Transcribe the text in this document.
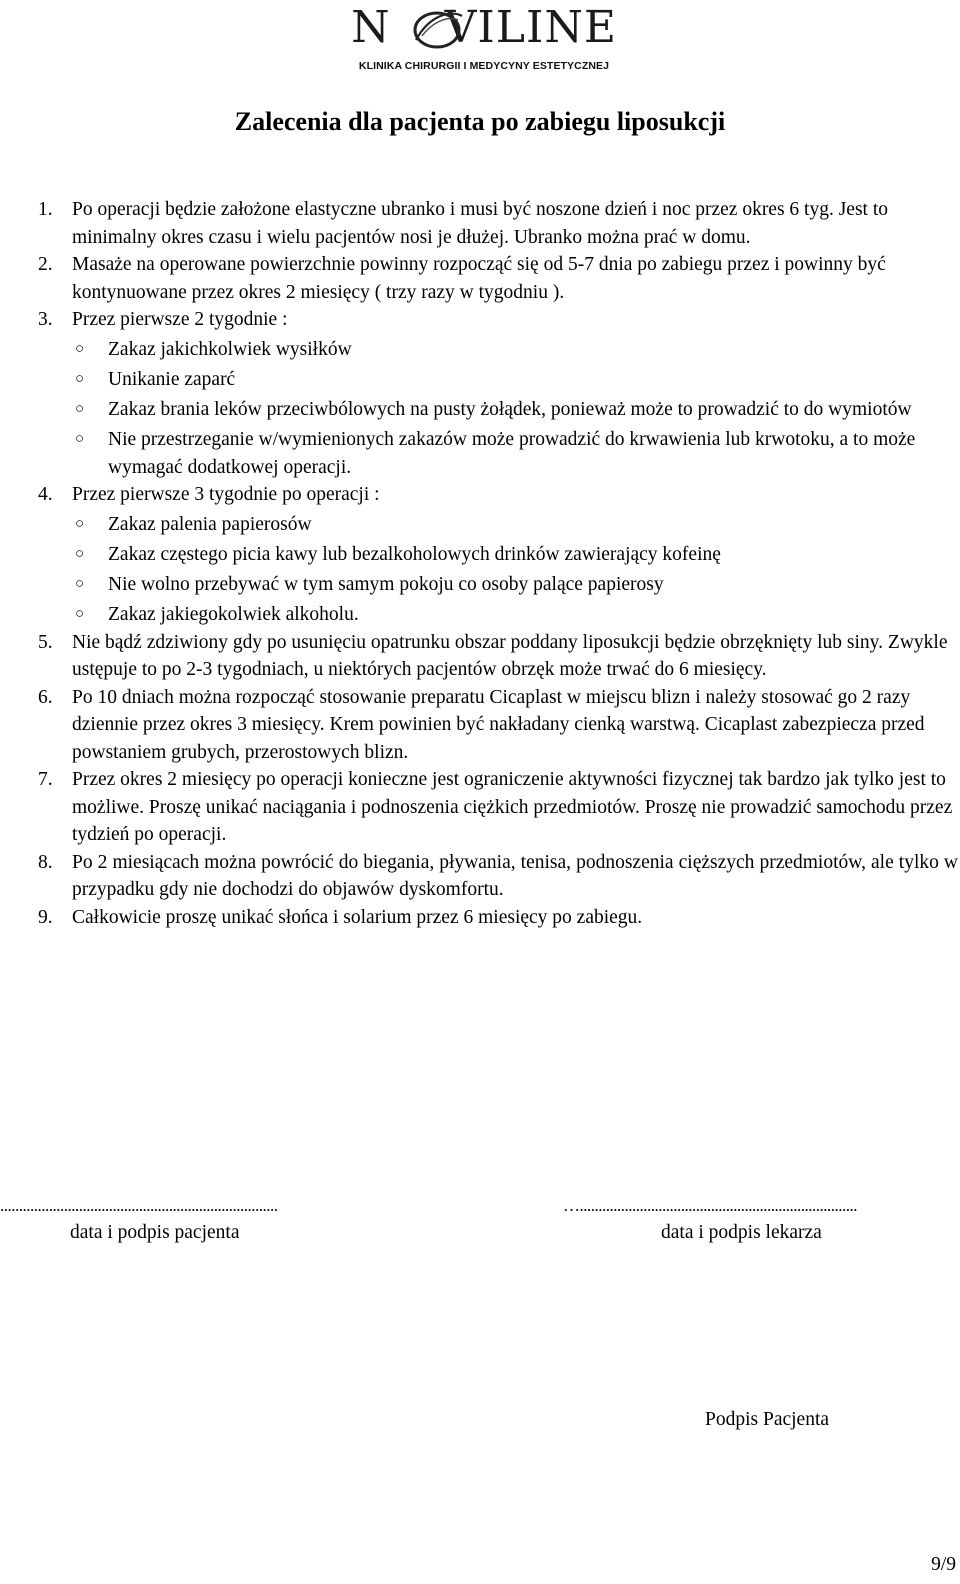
N VILINE
KLINIKA CHIRURGII I MEDYCYNY ESTETYCZNEJ
Zalecenia dla pacjenta po zabiegu liposukcji
1. Po operacji będzie założone elastyczne ubranko i musi być noszone dzień i noc przez okres 6 tyg. Jest to minimalny okres czasu i wielu pacjentów nosi je dłużej. Ubranko można prać w domu.
2. Masaże na operowane powierzchnie powinny rozpocząć się od 5-7 dnia po zabiegu przez i powinny być kontynuowane przez okres 2 miesięcy ( trzy razy w tygodniu ).
3. Przez pierwsze 2 tygodnie :
○ Zakaz jakichkolwiek wysiłków
○ Unikanie zaparć
○ Zakaz brania leków przeciwbólowych na pusty żołądek, ponieważ może to prowadzić to do wymiotów
○ Nie przestrzeganie w/wymienionych zakazów może prowadzić do krwawienia lub krwotoku, a to może wymagać dodatkowej operacji.
4. Przez pierwsze 3 tygodnie po operacji :
○ Zakaz palenia papierosów
○ Zakaz częstego picia kawy lub bezalkoholowych drinków zawierający kofeinę
○ Nie wolno przebywać w tym samym pokoju co osoby palące papierosy
○ Zakaz jakiegokolwiek alkoholu.
5. Nie bądź zdziwiony gdy po usunięciu opatrunku obszar poddany liposukcji będzie obrzęknięty lub siny. Zwykle ustępuje to po 2-3 tygodniach, u niektórych pacjentów obrzęk może trwać do 6 miesięcy.
6. Po 10 dniach można rozpocząć stosowanie preparatu Cicaplast w miejscu blizn i należy stosować go 2 razy dziennie przez okres 3 miesięcy. Krem powinien być nakładany cienką warstwą. Cicaplast zabezpiecza przed powstaniem grubych, przerostowych blizn.
7. Przez okres 2 miesięcy po operacji konieczne jest ograniczenie aktywności fizycznej tak bardzo jak tylko jest to możliwe. Proszę unikać naciągania i podnoszenia ciężkich przedmiotów. Proszę nie prowadzić samochodu przez tydzień po operacji.
8. Po 2 miesiącach można powrócić do biegania, pływania, tenisa, podnoszenia cięższych przedmiotów, ale tylko w przypadku gdy nie dochodzi do objawów dyskomfortu.
9. Całkowicie proszę unikać słońca i solarium przez 6 miesięcy po zabiegu.
..........................................................................	…..........................................................................
data i podpis pacjenta	data i podpis lekarza
Podpis Pacjenta
9/9
